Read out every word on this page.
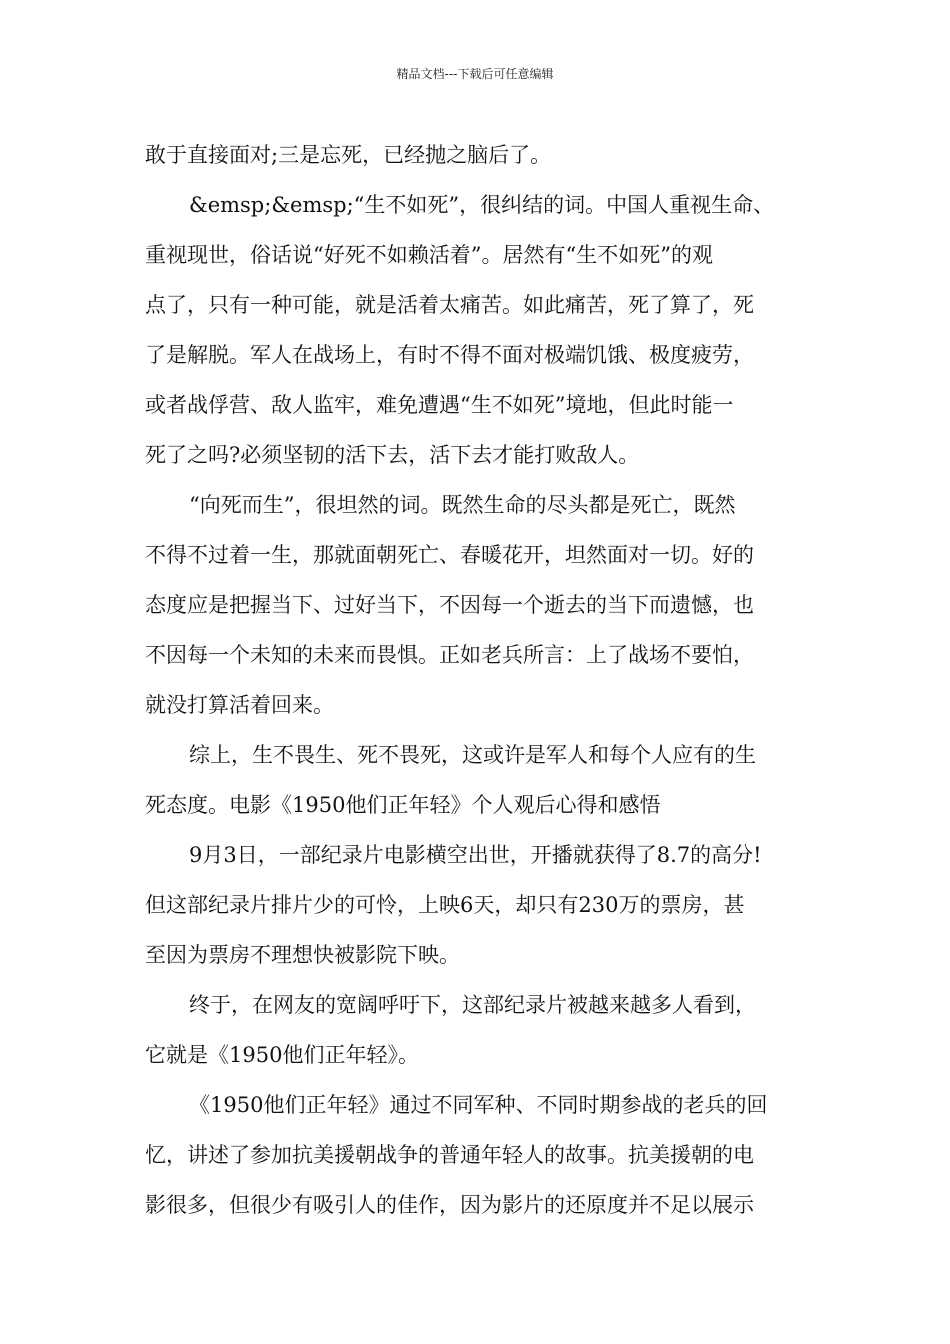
精品文档---下载后可任意编辑
敢于直接面对;三是忘死，已经抛之脑后了。
&emsp;&emsp;“生不如死”，很纠结的词。中国人重视生命、
重视现世，俗话说“好死不如赖活着”。居然有“生不如死”的观
点了，只有一种可能，就是活着太痛苦。如此痛苦，死了算了，死
了是解脱。军人在战场上，有时不得不面对极端饥饿、极度疲劳，
或者战俘营、敌人监牢，难免遭遇“生不如死”境地，但此时能一
死了之吗?必须坚韧的活下去，活下去才能打败敌人。
“向死而生”，很坦然的词。既然生命的尽头都是死亡，既然
不得不过着一生，那就面朝死亡、春暖花开，坦然面对一切。好的
态度应是把握当下、过好当下，不因每一个逝去的当下而遗憾，也
不因每一个未知的未来而畏惧。正如老兵所言：上了战场不要怕，
就没打算活着回来。
综上，生不畏生、死不畏死，这或许是军人和每个人应有的生
死态度。电影《1950他们正年轻》个人观后心得和感悟
9月3日，一部纪录片电影横空出世，开播就获得了8.7的高分!
但这部纪录片排片少的可怜，上映6天，却只有230万的票房，甚
至因为票房不理想快被影院下映。
终于，在网友的宽阔呼吁下，这部纪录片被越来越多人看到，
它就是《1950他们正年轻》。
《1950他们正年轻》通过不同军种、不同时期参战的老兵的回
忆，讲述了参加抗美援朝战争的普通年轻人的故事。抗美援朝的电
影很多，但很少有吸引人的佳作，因为影片的还原度并不足以展示
